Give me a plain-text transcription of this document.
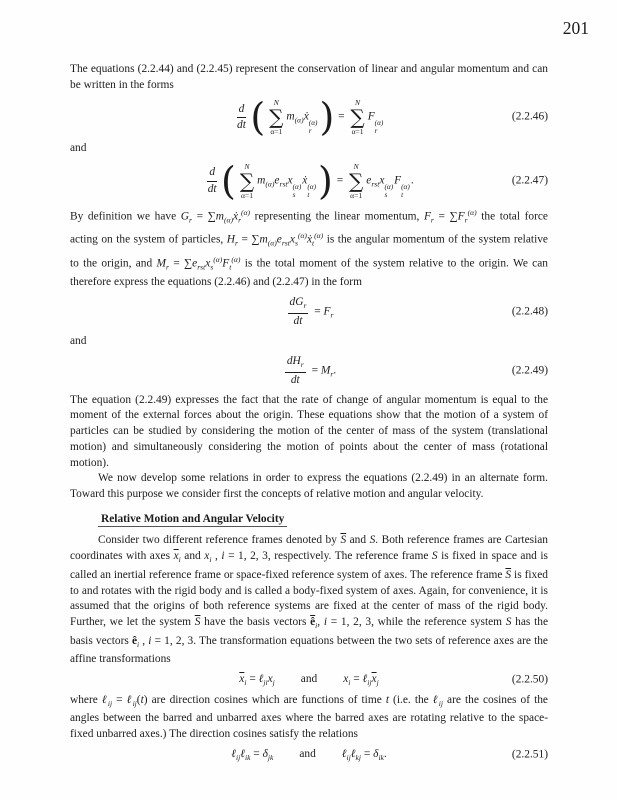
201
The equations (2.2.44) and (2.2.45) represent the conservation of linear and angular momentum and can be written in the forms
$\frac{d}{dt}$ ( N
∑
α=1
$m_{(\alpha)}ẋ$ (α)
r ) =
N
∑
α=1
F (α)
r
(2.2.46)
and
$\frac{d}{dt}$ ( N
∑
α=1
$m_{(\alpha)}e_{rst}x$ (α)
s
ẋ (α)
t ) =
N
∑
α=1
$e_{rst}x$ (α)
s
F (α)
t
.	(2.2.47)
By definition we have $G_r$ = $\sum m_{(\alpha)}ẋ_r^{(\alpha)}$ representing the linear momentum, $F_r = \sum F_r^{(\alpha)}$ the total force acting on the system of particles, $H_r$ = $\sum m_{(\alpha)}e_{rst}x_s^{(\alpha)}ẋ_t^{(\alpha)}$ is the angular momentum of the system relative to the origin, and $M_r = \sum e_{rst}x_s^{(\alpha)}F_t^{(\alpha)}$ is the total moment of the system relative to the origin. We can therefore express the equations (2.2.46) and (2.2.47) in the form
$\frac{dG_r}{dt} = F_r$	(2.2.48)
and
$\frac{dH_r}{dt} = M_r$.	(2.2.49)
The equation (2.2.49) expresses the fact that the rate of change of angular momentum is equal to the moment of the external forces about the origin. These equations show that the motion of a system of particles can be studied by considering the motion of the center of mass of the system (translational motion) and simultaneously considering the motion of points about the center of mass (rotational motion).
We now develop some relations in order to express the equations (2.2.49) in an alternate form. Toward this purpose we consider first the concepts of relative motion and angular velocity.
Relative Motion and Angular Velocity
Consider two different reference frames denoted by $\overline{S}$ and S. Both reference frames are Cartesian coordinates with axes $\overline{x}_i$ and $x_i$ , i = 1, 2, 3, respectively. The reference frame S is fixed in space and is called an inertial reference frame or space-fixed reference system of axes. The reference frame $\overline{S}$ is fixed to and rotates with the rigid body and is called a body-fixed system of axes. Again, for convenience, it is assumed that the origins of both reference systems are fixed at the center of mass of the rigid body. Further, we let the system $\overline{S}$ have the basis vectors $\overline{ê}_i$, i = 1, 2, 3, while the reference system S has the basis vectors $ê_i$ , i = 1, 2, 3. The transformation equations between the two sets of reference axes are the affine transformations
$\overline{x}_i$ = $\ell_{ji}x_j$ and $x_i$ = $\ell_{ij}\overline{x}_j$	(2.2.50)
where ℓ$_{ij}$ = ℓ$_{ij}$(t) are direction cosines which are functions of time t (i.e. the ℓ$_{ij}$ are the cosines of the angles between the barred and unbarred axes where the barred axes are rotating relative to the space-fixed unbarred axes.) The direction cosines satisfy the relations
ℓ$_{ij}$ℓ$_{ik}$ = $\delta_{jk}$ and ℓ$_{ij}$ℓ$_{kj}$ = $\delta_{ik}$.	(2.2.51)
